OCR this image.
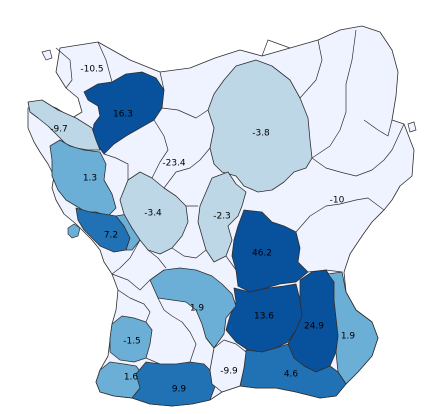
-10.5
16.3
-9.7	-3.8
-23.4
1.3
-3.4	-2.3
-10
7.2
46.2
1.9
13.6
24.9
1.9
-1.5
-9.9
1.6
9.9
4.6
